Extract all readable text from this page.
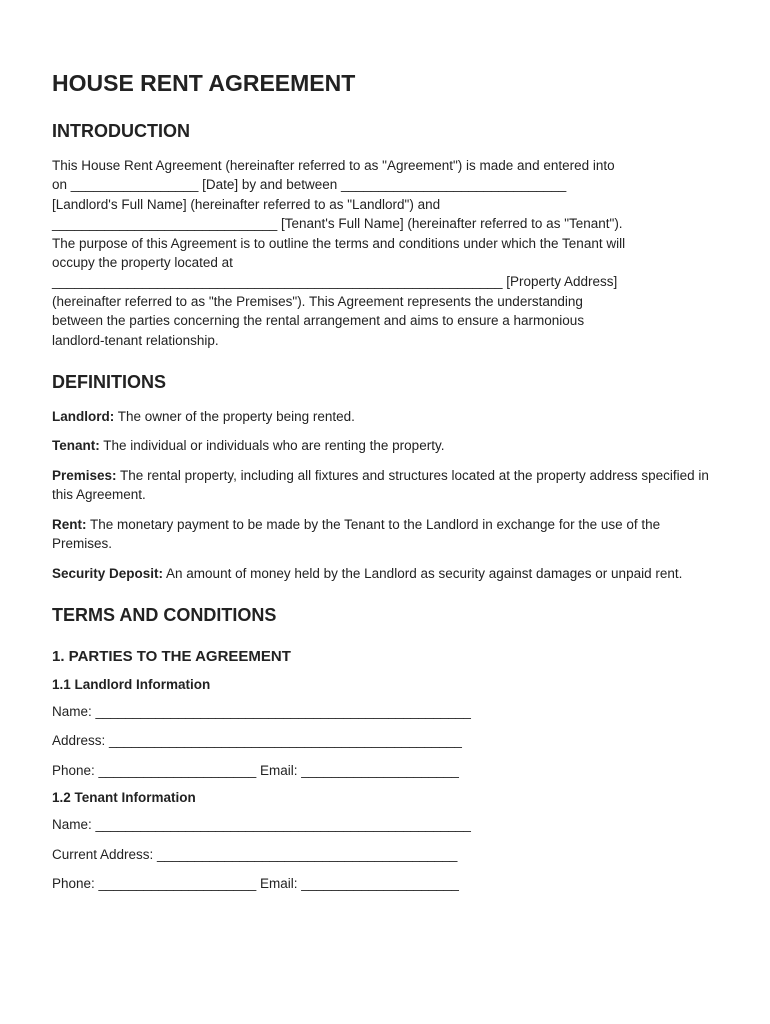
HOUSE RENT AGREEMENT
INTRODUCTION
This House Rent Agreement (hereinafter referred to as "Agreement") is made and entered into
on _________________ [Date] by and between ______________________________
[Landlord's Full Name] (hereinafter referred to as "Landlord") and
______________________________ [Tenant's Full Name] (hereinafter referred to as "Tenant").
The purpose of this Agreement is to outline the terms and conditions under which the Tenant will
occupy the property located at
____________________________________________________________ [Property Address]
(hereinafter referred to as "the Premises"). This Agreement represents the understanding
between the parties concerning the rental arrangement and aims to ensure a harmonious
landlord-tenant relationship.
DEFINITIONS

Landlord: The owner of the property being rented.

Tenant: The individual or individuals who are renting the property.

Premises: The rental property, including all fixtures and structures located at the property address specified in this Agreement.

Rent: The monetary payment to be made by the Tenant to the Landlord in exchange for the use of the Premises.

Security Deposit: An amount of money held by the Landlord as security against damages or unpaid rent.

TERMS AND CONDITIONS
1. PARTIES TO THE AGREEMENT
1.1 Landlord Information
Name: __________________________________________________
Address: _______________________________________________
Phone: _____________________ Email: _____________________
1.2 Tenant Information
Name: __________________________________________________
Current Address: ________________________________________
Phone: _____________________ Email: _____________________
